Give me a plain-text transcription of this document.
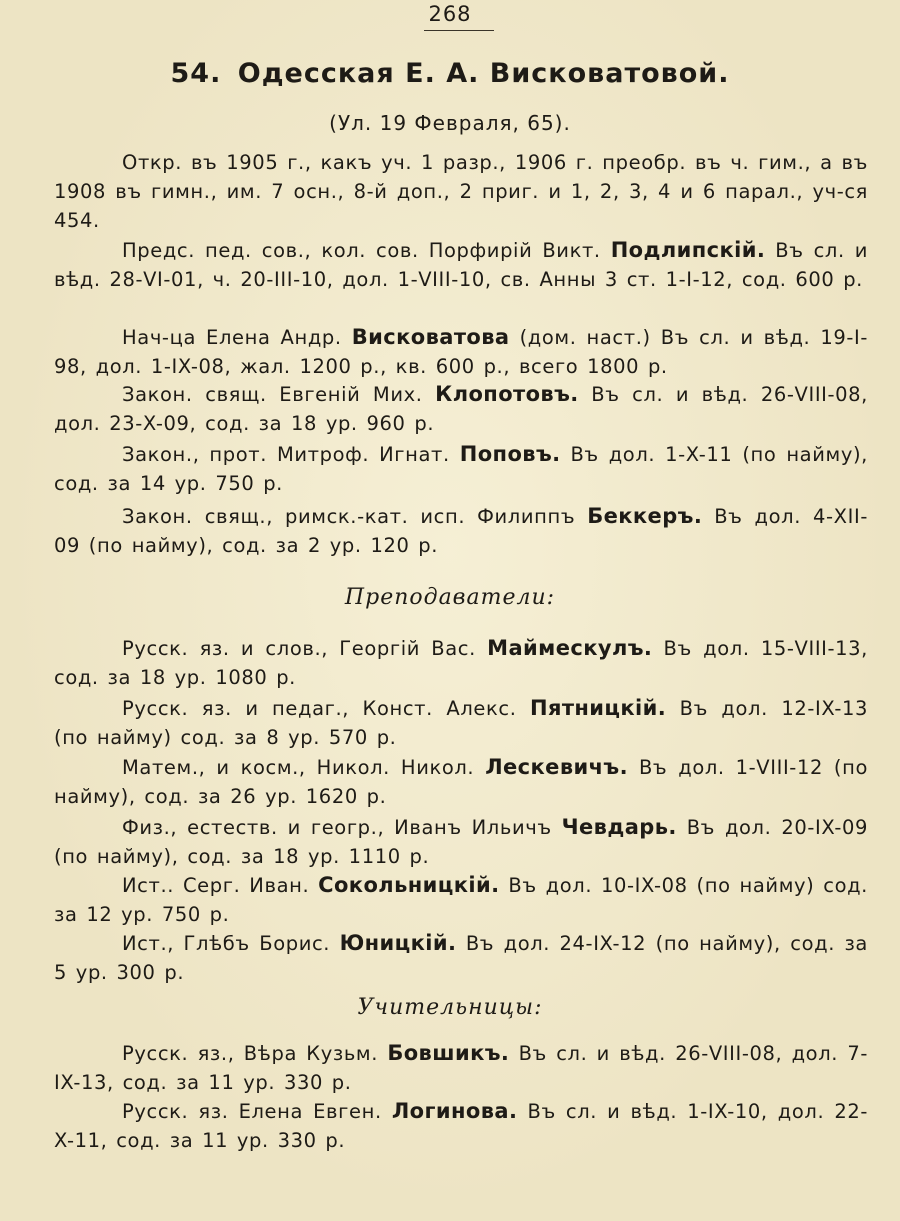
268
54. Одесская Е. А. Висковатовой.
(Ул. 19 Февраля, 65).
Откр. въ 1905 г., какъ уч. 1 разр., 1906 г. преобр. въ ч. гим., а въ 1908 въ гимн., им. 7 осн., 8-й доп., 2 приг. и 1, 2, 3, 4 и 6 парал., уч-ся 454.
Предс. пед. сов., кол. сов. Порфирій Викт. Подлипскій. Въ сл. и вѣд. 28-VI-01, ч. 20-III-10, дол. 1-VIII-10, св. Анны 3 ст. 1-I-12, сод. 600 р.
Нач-ца Елена Андр. Висковатова (дом. наст.) Въ сл. и вѣд. 19-I-98, дол. 1-IX-08, жал. 1200 р., кв. 600 р., всего 1800 р.
Закон. свящ. Евгеній Мих. Клопотовъ. Въ сл. и вѣд. 26-VIII-08, дол. 23-X-09, сод. за 18 ур. 960 р.
Закон., прот. Митроф. Игнат. Поповъ. Въ дол. 1-X-11 (по найму), сод. за 14 ур. 750 р.
Закон. свящ., римск.-кат. исп. Филиппъ Беккеръ. Въ дол. 4-XII-09 (по найму), сод. за 2 ур. 120 р.
Преподаватели:
Русск. яз. и слов., Георгій Вас. Маймескулъ. Въ дол. 15-VIII-13, сод. за 18 ур. 1080 р.
Русск. яз. и педаг., Конст. Алекс. Пятницкій. Въ дол. 12-IX-13 (по найму) сод. за 8 ур. 570 р.
Матем., и косм., Никол. Никол. Лескевичъ. Въ дол. 1-VIII-12 (по найму), сод. за 26 ур. 1620 р.
Физ., естеств. и геогр., Иванъ Ильичъ Чевдарь. Въ дол. 20-IX-09 (по найму), сод. за 18 ур. 1110 р.
Ист.. Серг. Иван. Сокольницкій. Въ дол. 10-IX-08 (по найму) сод. за 12 ур. 750 р.
Ист., Глѣбъ Борис. Юницкій. Въ дол. 24-IX-12 (по найму), сод. за 5 ур. 300 р.
Учительницы:
Русск. яз., Вѣра Кузьм. Бовшикъ. Въ сл. и вѣд. 26-VIII-08, дол. 7-IX-13, сод. за 11 ур. 330 р.
Русск. яз. Елена Евген. Логинова. Въ сл. и вѣд. 1-IX-10, дол. 22-X-11, сод. за 11 ур. 330 р.
